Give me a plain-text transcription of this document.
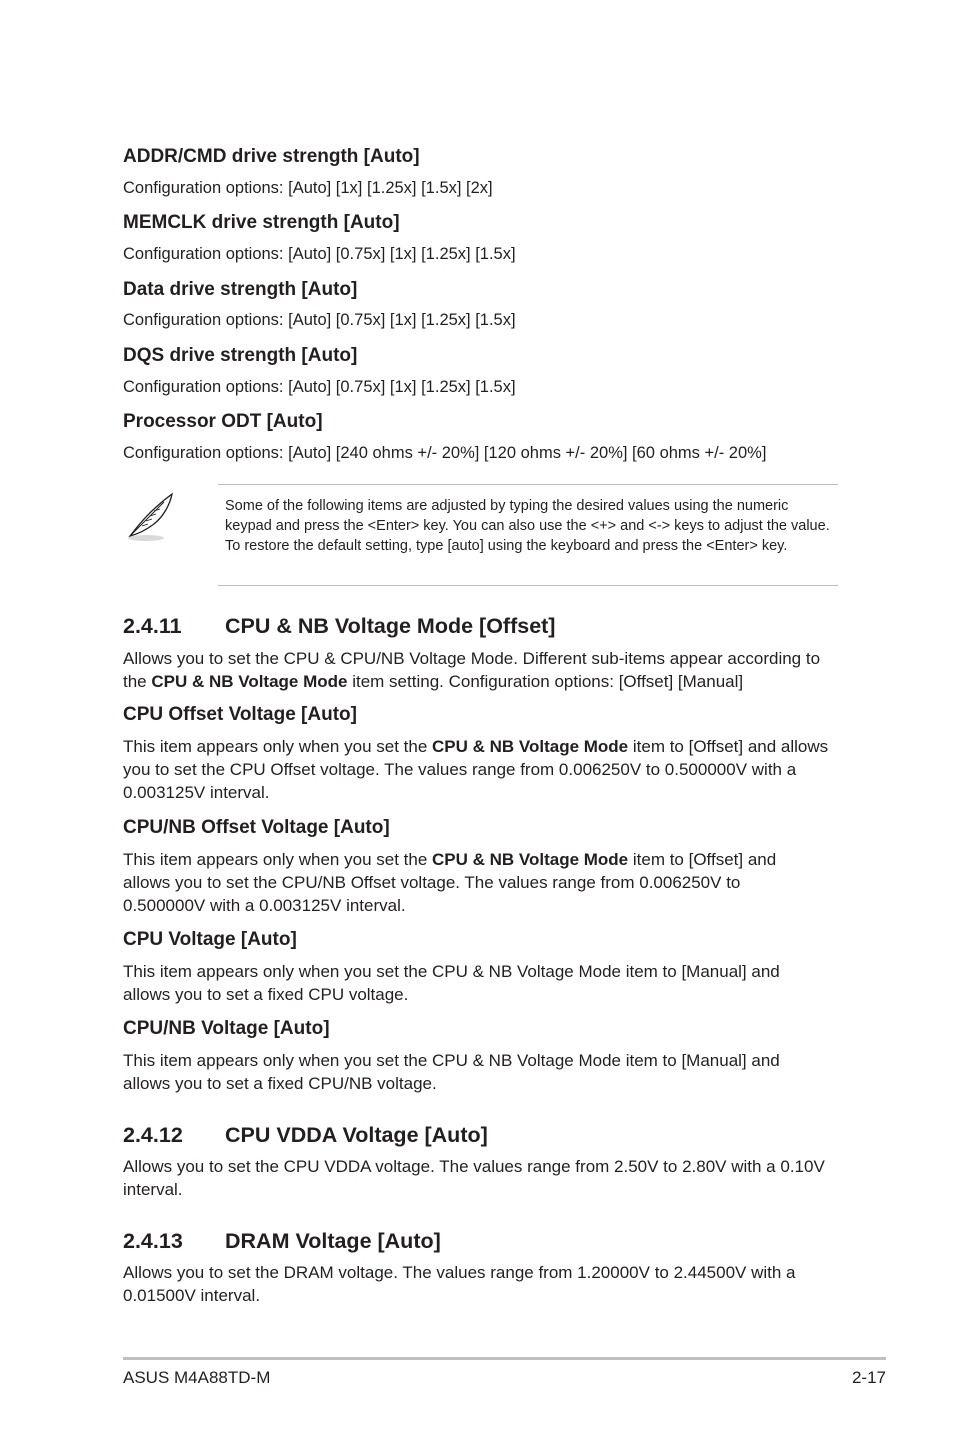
ADDR/CMD drive strength [Auto]

Configuration options: [Auto] [1x] [1.25x] [1.5x] [2x]

MEMCLK drive strength [Auto]

Configuration options: [Auto] [0.75x] [1x] [1.25x] [1.5x]

Data drive strength [Auto]

Configuration options: [Auto] [0.75x] [1x] [1.25x] [1.5x]

DQS drive strength [Auto]

Configuration options: [Auto] [0.75x] [1x] [1.25x] [1.5x]

Processor ODT [Auto]

Configuration options: [Auto] [240 ohms +/- 20%] [120 ohms +/- 20%] [60 ohms +/- 20%]

Some of the following items are adjusted by typing the desired values using the numeric keypad and press the <Enter> key. You can also use the <+> and <-> keys to adjust the value. To restore the default setting, type [auto] using the keyboard and press the <Enter> key.

2.4.11 CPU & NB Voltage Mode [Offset]

Allows you to set the CPU & CPU/NB Voltage Mode. Different sub-items appear according to the CPU & NB Voltage Mode item setting. Configuration options: [Offset] [Manual]

CPU Offset Voltage [Auto]

This item appears only when you set the CPU & NB Voltage Mode item to [Offset] and allows you to set the CPU Offset voltage. The values range from 0.006250V to 0.500000V with a 0.003125V interval.

CPU/NB Offset Voltage [Auto]

This item appears only when you set the CPU & NB Voltage Mode item to [Offset] and allows you to set the CPU/NB Offset voltage. The values range from 0.006250V to 0.500000V with a 0.003125V interval.

CPU Voltage [Auto]

This item appears only when you set the CPU & NB Voltage Mode item to [Manual] and allows you to set a fixed CPU voltage.

CPU/NB Voltage [Auto]

This item appears only when you set the CPU & NB Voltage Mode item to [Manual] and allows you to set a fixed CPU/NB voltage.

2.4.12 CPU VDDA Voltage [Auto]

Allows you to set the CPU VDDA voltage. The values range from 2.50V to 2.80V with a 0.10V interval.

2.4.13 DRAM Voltage [Auto]

Allows you to set the DRAM voltage. The values range from 1.20000V to 2.44500V with a 0.01500V interval.

ASUS M4A88TD-M	2-17
